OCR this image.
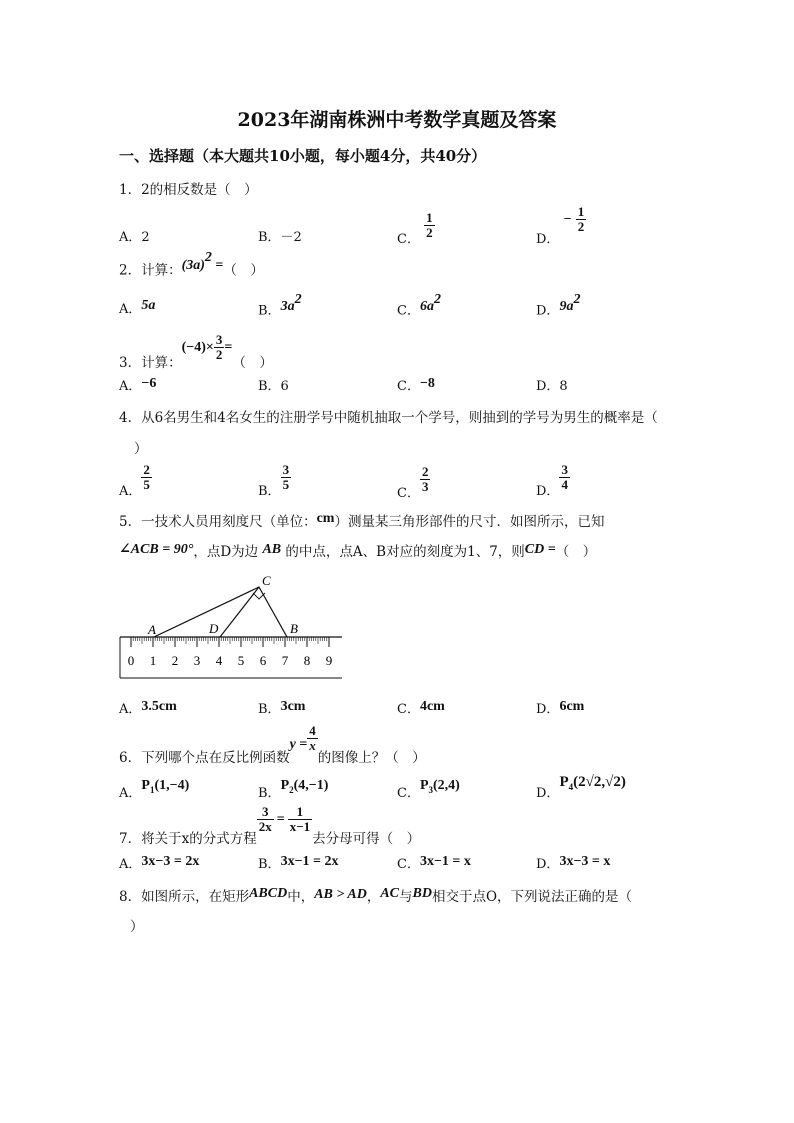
2023年湖南株洲中考数学真题及答案
一、选择题（本大题共10小题，每小题4分，共40分）
1．2的相反数是（　）
A．2	B．－2	C． $\frac{1}{2}$	D． − $\frac{1}{2}$
2．计算：$(3a)^2$ =（　）
A．5a	B．$3a^2$
C．$6a^2$
D．$9a^2$
3．计算：$(-4)\times \frac{3}{2}$ =（　）
A．−6	B．6	C．−8	D．8
4．从6名男生和4名女生的注册学号中随机抽取一个学号，则抽到的学号为男生的概率是（
）
A． $\frac{2}{5}$	B． $\frac{3}{5}$
C． $\frac{2}{3}$	D． $\frac{3}{4}$
5．一技术人员用刻度尺（单位：cm）测量某三角形部件的尺寸．如图所示，已知
∠ACB = 90°，点D为边 AB 的中点，点A、B对应的刻度为1、7，则CD =（　）
0 1 2 3 4 5 6 7 8 9
A	D
C
B
A．3.5cm	B．3cm	C．4cm	D．6cm
6．下列哪个点在反比例函数$y = \frac{4}{x}$
的图像上？（　）
A．$P_1(1,-4)$
B．$P_2(4,-1)$
C．$P_3(2,4)$
D．$P_4(2√2,√2)$
7．将关于x的分式方程
$\frac{3}{2x} = \frac{1}{x-1}$
去分母可得（　）
A．3x−3 = 2x	B．3x−1 = 2x	C．3x−1 = x	D．3x−3 = x
8．如图所示，在矩形ABCD中，AB > AD，AC与BD相交于点O，下列说法正确的是（
）
